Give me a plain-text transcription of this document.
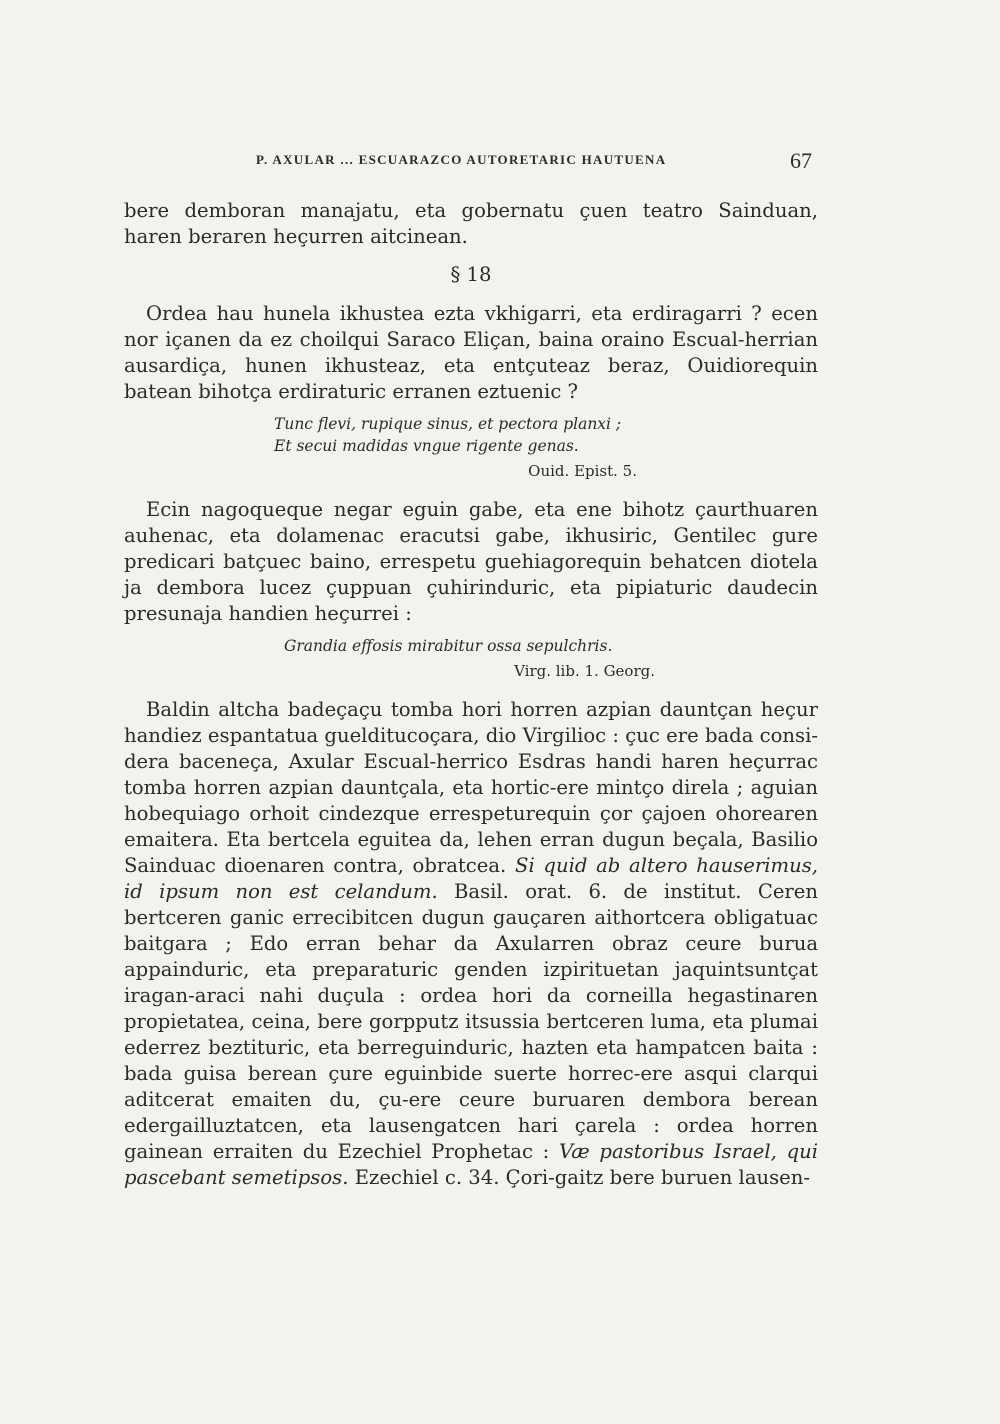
P. AXULAR ... ESCUARAZCO AUTORETARIC HAUTUENA	67

bere demboran manajatu, eta gobernatu çuen teatro Sainduan, haren beraren heçurren aitcinean.

§ 18

Ordea hau hunela ikhustea ezta vkhigarri, eta erdiragarri ? ecen nor içanen da ez choilqui Saraco Eliçan, baina oraino Escual-herrian ausardiça, hunen ikhusteaz, eta entçuteaz beraz, Ouidiorequin batean bihotça erdiraturic erranen eztuenic ?

Tunc flevi, rupique sinus, et pectora planxi ;
Et secui madidas vngue rigente genas.
Ouid. Epist. 5.

Ecin nagoqueque negar eguin gabe, eta ene bihotz çaurthuaren auhenac, eta dolamenac eracutsi gabe, ikhusiric, Gentilec gure predicari batçuec baino, errespetu guehiagorequin behatcen diotela ja dembora lucez çuppuan çuhirinduric, eta pipiaturic daudecin presunaja handien heçurrei :

Grandia effosis mirabitur ossa sepulchris.
Virg. lib. 1. Georg.

Baldin altcha badeçaçu tomba hori horren azpian dauntçan heçur handiez espantatua guelditucoçara, dio Virgilioc : çuc ere bada considera baceneça, Axular Escual-herrico Esdras handi haren heçurrac tomba horren azpian dauntçala, eta hortic-ere mintço direla ; aguian hobequiago orhoit cindezque errespeturequin çor çajoen ohorearen emaitera. Eta bertcela eguitea da, lehen erran dugun beçala, Basilio Sainduac dioenaren contra, obratcea. Si quid ab altero hauserimus, id ipsum non est celandum. Basil. orat. 6. de institut. Ceren bertceren ganic errecibitcen dugun gauçaren aithortcera obligatuac baitgara ; Edo erran behar da Axularren obraz ceure burua appainduric, eta preparaturic genden izpirituetan jaquintsuntçat iragan-araci nahi duçula : ordea hori da corneilla hegastinaren propietatea, ceina, bere gorpputz itsussia bertceren luma, eta plumai ederrez beztituric, eta berreguinduric, hazten eta hampatcen baita : bada guisa berean çure eguinbide suerte horrec-ere asqui clarqui aditcerat emaiten du, çu-ere ceure buruaren dembora berean edergailluztatcen, eta lausengatcen hari çarela : ordea horren gainean erraiten du Ezechiel Prophetac : Væ pastoribus Israel, qui pascebant semetipsos. Ezechiel c. 34. Çori-gaitz bere buruen lausen-
